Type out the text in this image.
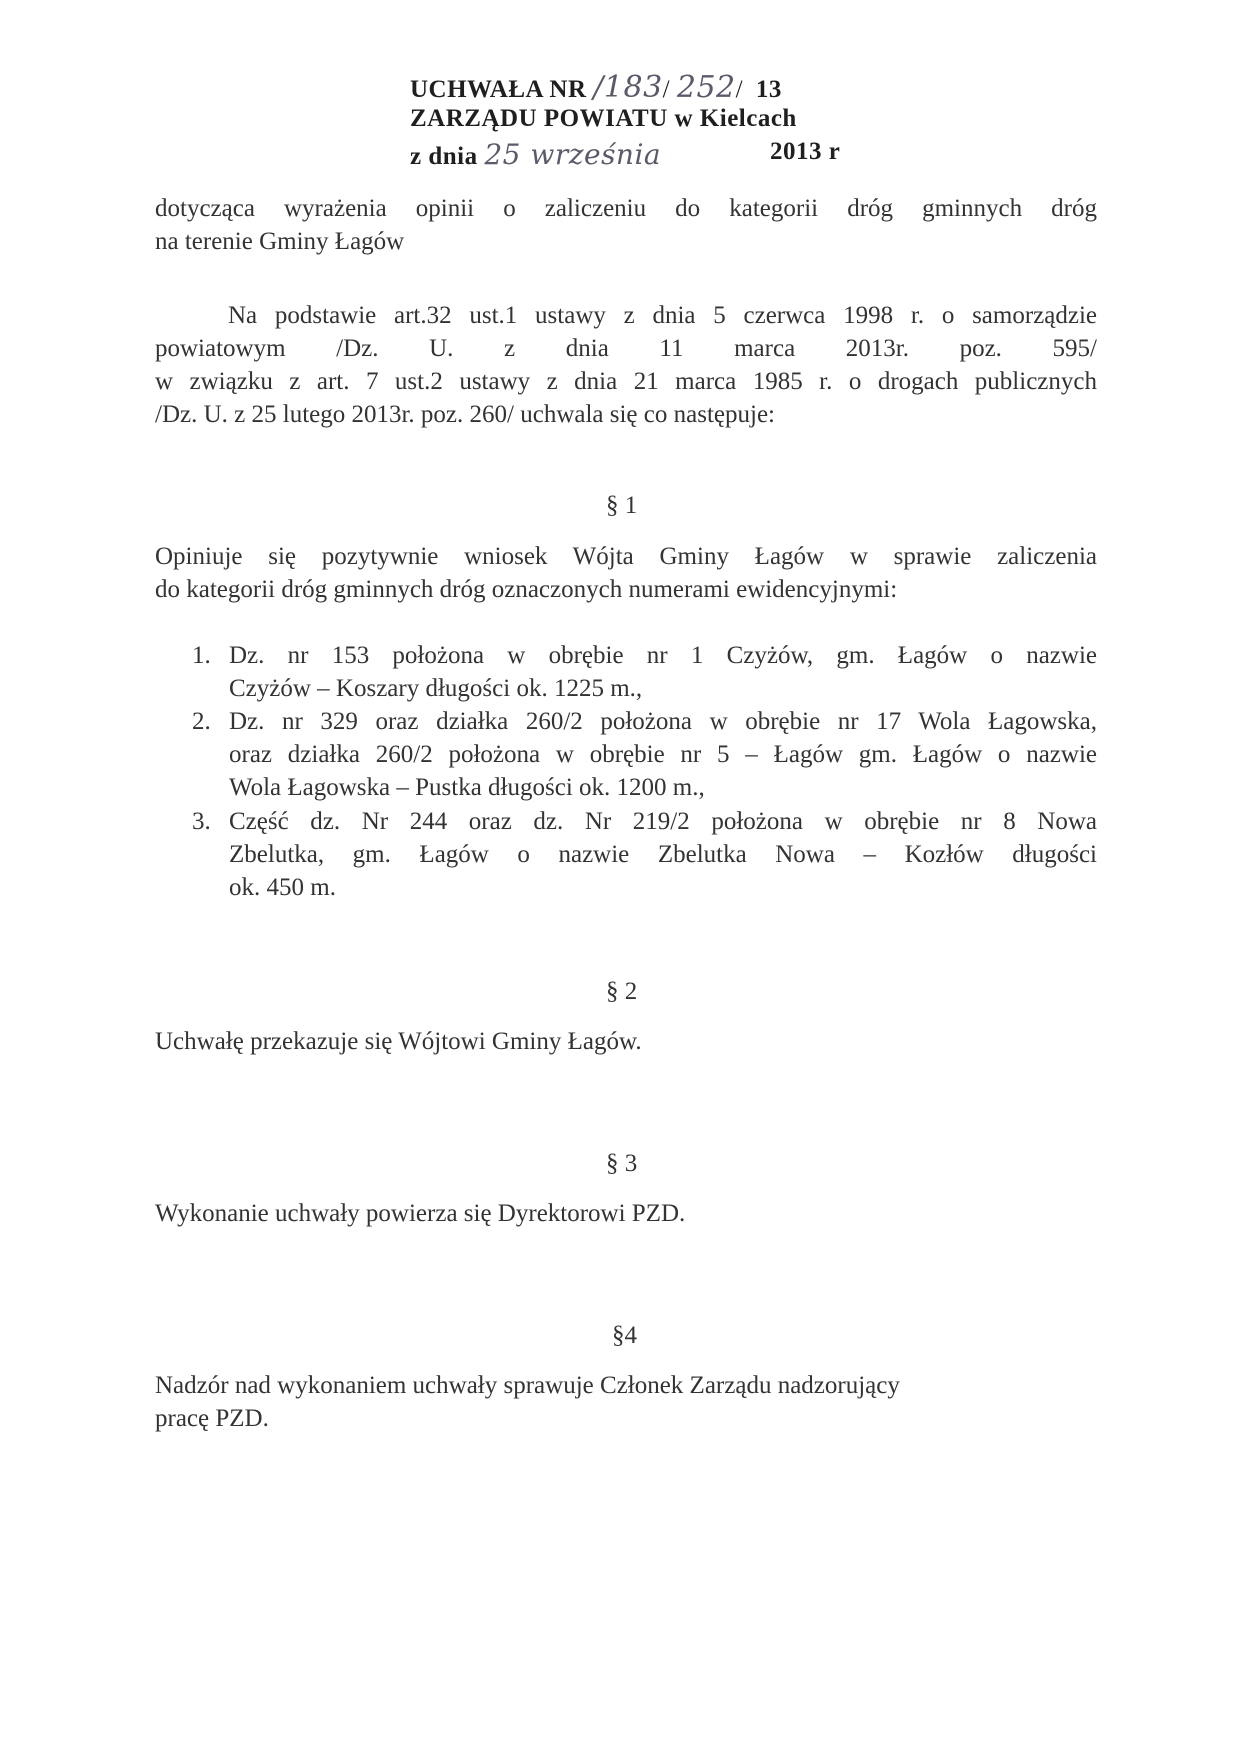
UCHWAŁA NR /183/ 252/ 13
ZARZĄDU POWIATU w Kielcach
z dnia 25 września	2013 r
dotycząca wyrażenia opinii o zaliczeniu do kategorii dróg gminnych dróg
na terenie Gminy Łagów
Na podstawie art.32 ust.1 ustawy z dnia 5 czerwca 1998 r. o samorządzie
powiatowym /Dz. U. z dnia 11 marca 2013r. poz. 595/
w związku z art. 7 ust.2 ustawy z dnia 21 marca 1985 r. o drogach publicznych
/Dz. U. z 25 lutego 2013r. poz. 260/ uchwala się co następuje:
§ 1
Opiniuje się pozytywnie wniosek Wójta Gminy Łagów w sprawie zaliczenia
do kategorii dróg gminnych dróg oznaczonych numerami ewidencyjnymi:
1. Dz. nr 153 położona w obrębie nr 1 Czyżów, gm. Łagów o nazwie
Czyżów – Koszary długości ok. 1225 m.,
2. Dz. nr 329 oraz działka 260/2 położona w obrębie nr 17 Wola Łagowska,
oraz działka 260/2 położona w obrębie nr 5 – Łagów gm. Łagów o nazwie
Wola Łagowska – Pustka długości ok. 1200 m.,
3. Część dz. Nr 244 oraz dz. Nr 219/2 położona w obrębie nr 8 Nowa
Zbelutka, gm. Łagów o nazwie Zbelutka Nowa – Kozłów długości
ok. 450 m.
§ 2
Uchwałę przekazuje się Wójtowi Gminy Łagów.
§ 3
Wykonanie uchwały powierza się Dyrektorowi PZD.
§4
Nadzór nad wykonaniem uchwały sprawuje Członek Zarządu nadzorujący
pracę PZD.
